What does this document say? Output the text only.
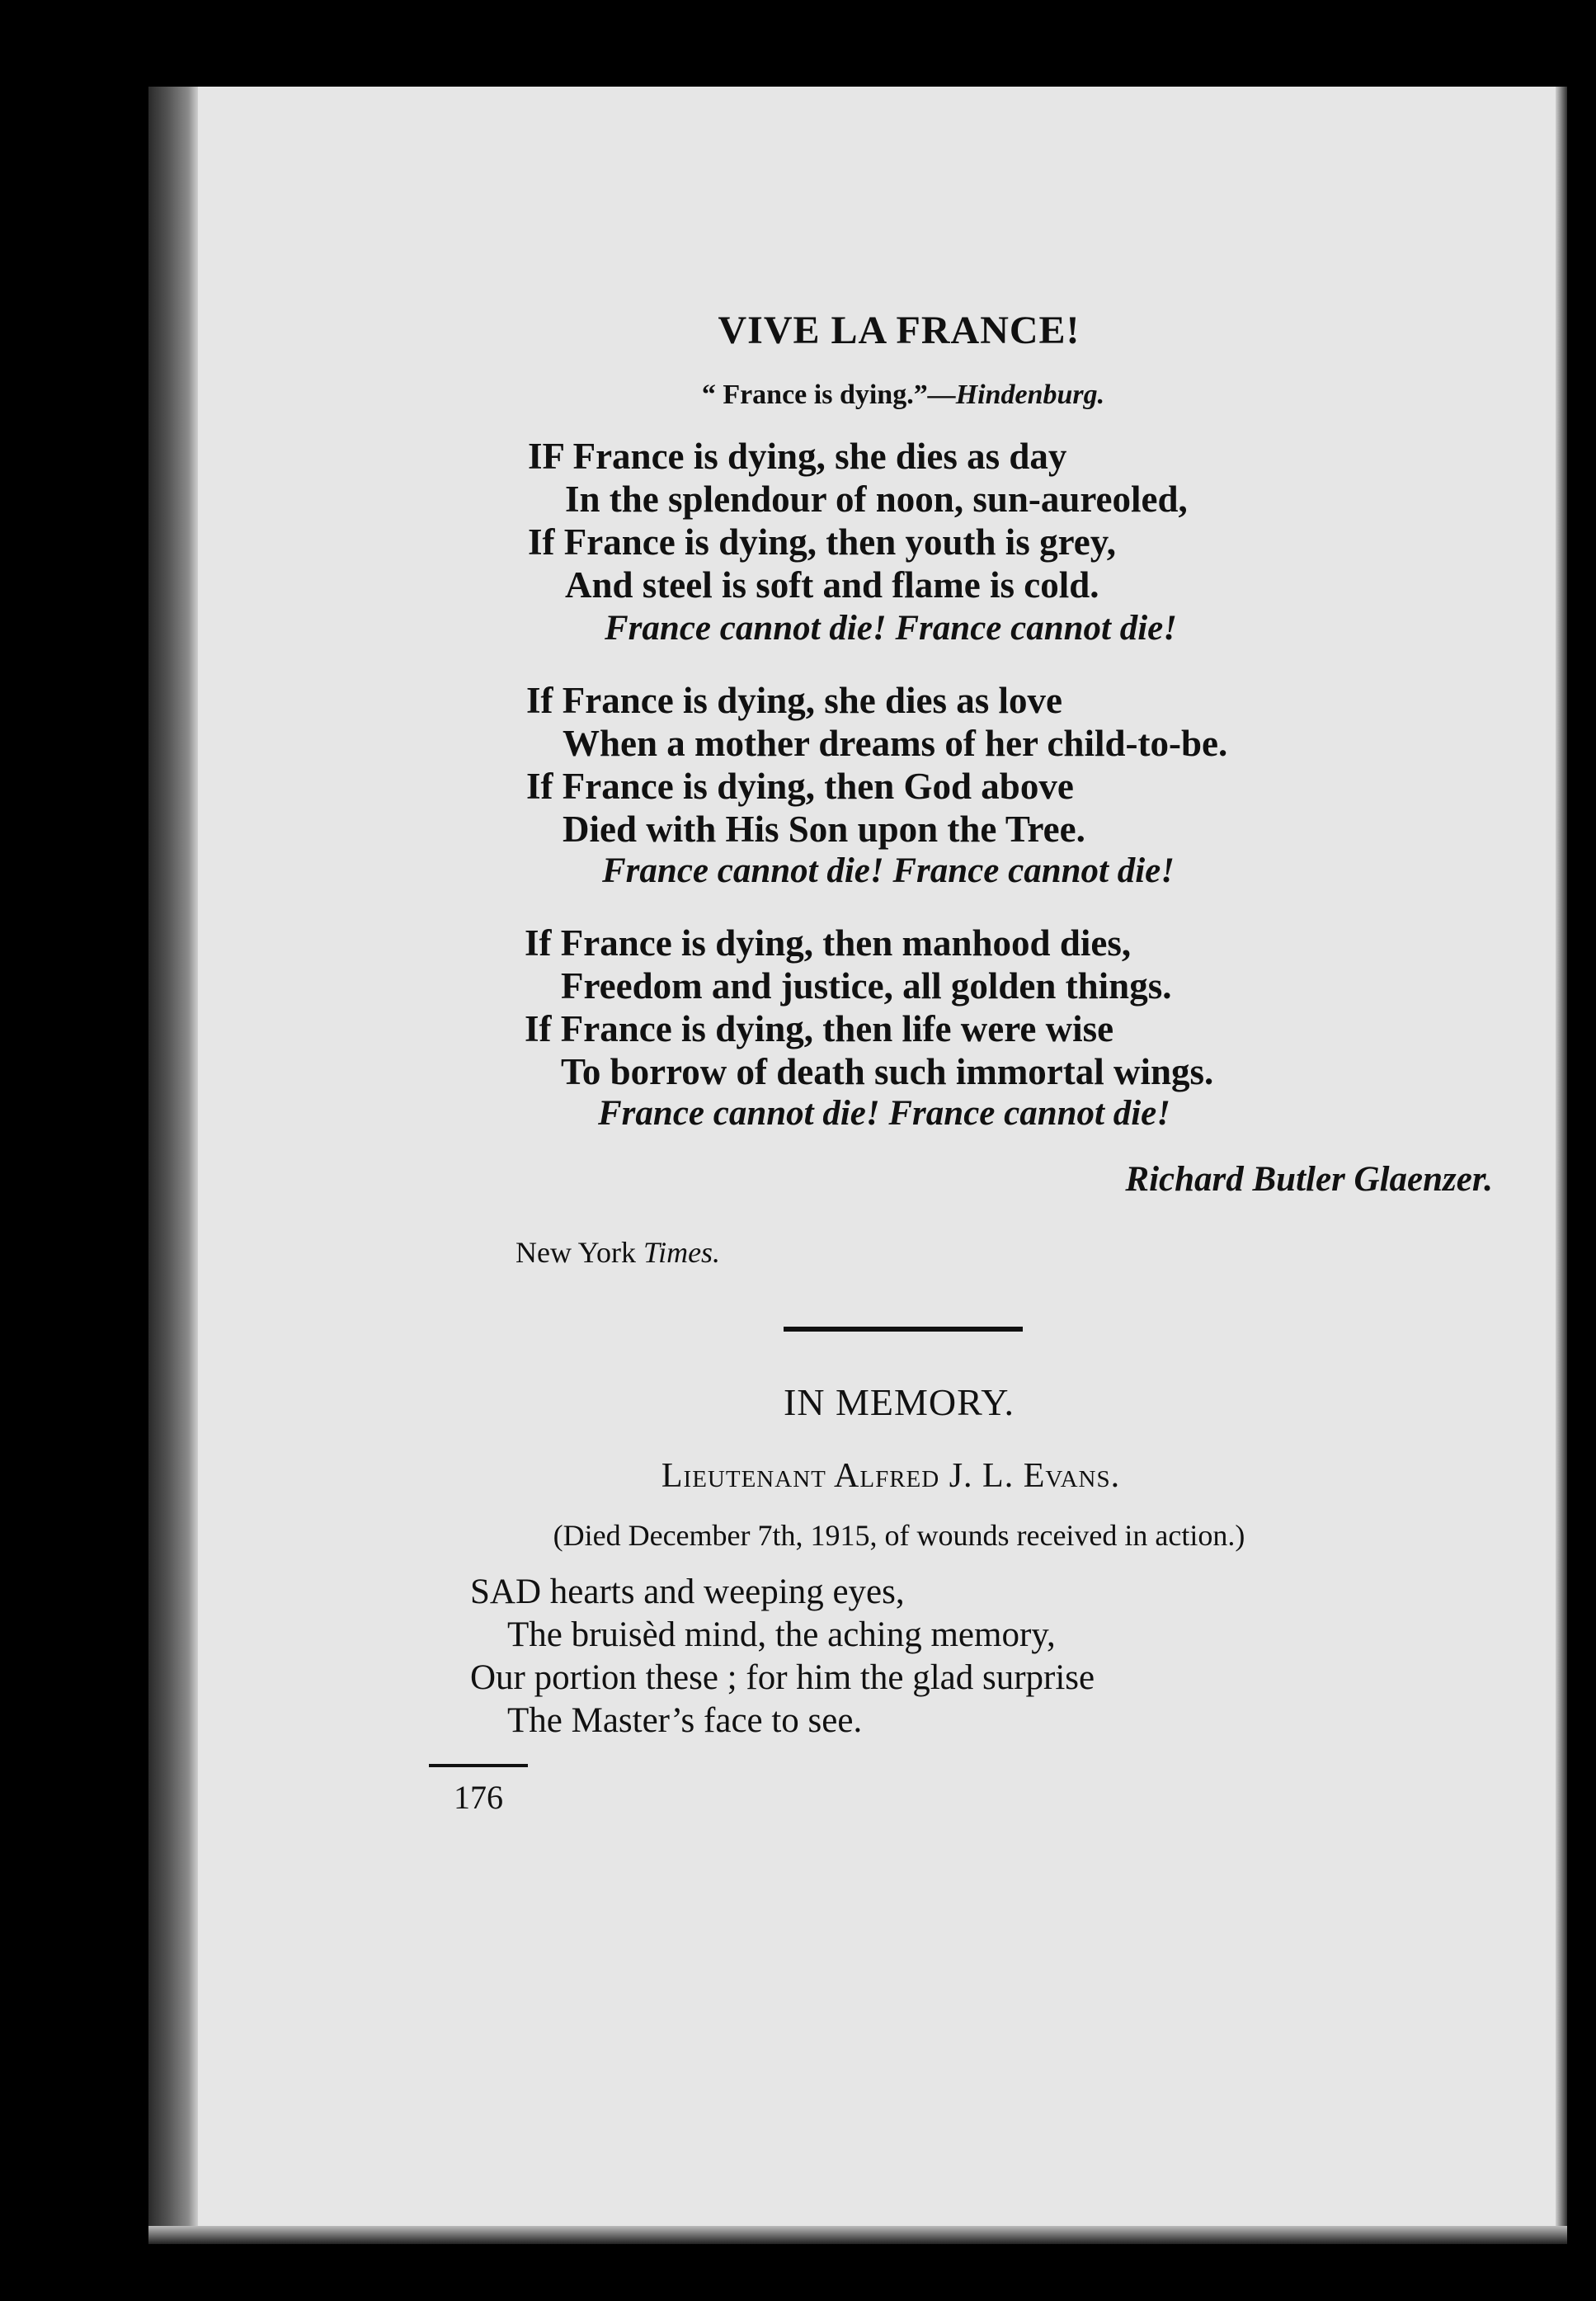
VIVE LA FRANCE!
“ France is dying.”—Hindenburg.
IF France is dying, she dies as day
In the splendour of noon, sun-aureoled,
If France is dying, then youth is grey,
And steel is soft and flame is cold.
France cannot die! France cannot die!
If France is dying, she dies as love
When a mother dreams of her child-to-be.
If France is dying, then God above
Died with His Son upon the Tree.
France cannot die! France cannot die!
If France is dying, then manhood dies,
Freedom and justice, all golden things.
If France is dying, then life were wise
To borrow of death such immortal wings.
France cannot die! France cannot die!
Richard Butler Glaenzer.
New York Times.
IN MEMORY.
Lieutenant Alfred J. L. Evans.
(Died December 7th, 1915, of wounds received in action.)
SAD hearts and weeping eyes,
The bruisèd mind, the aching memory,
Our portion these ; for him the glad surprise
The Master’s face to see.
176
